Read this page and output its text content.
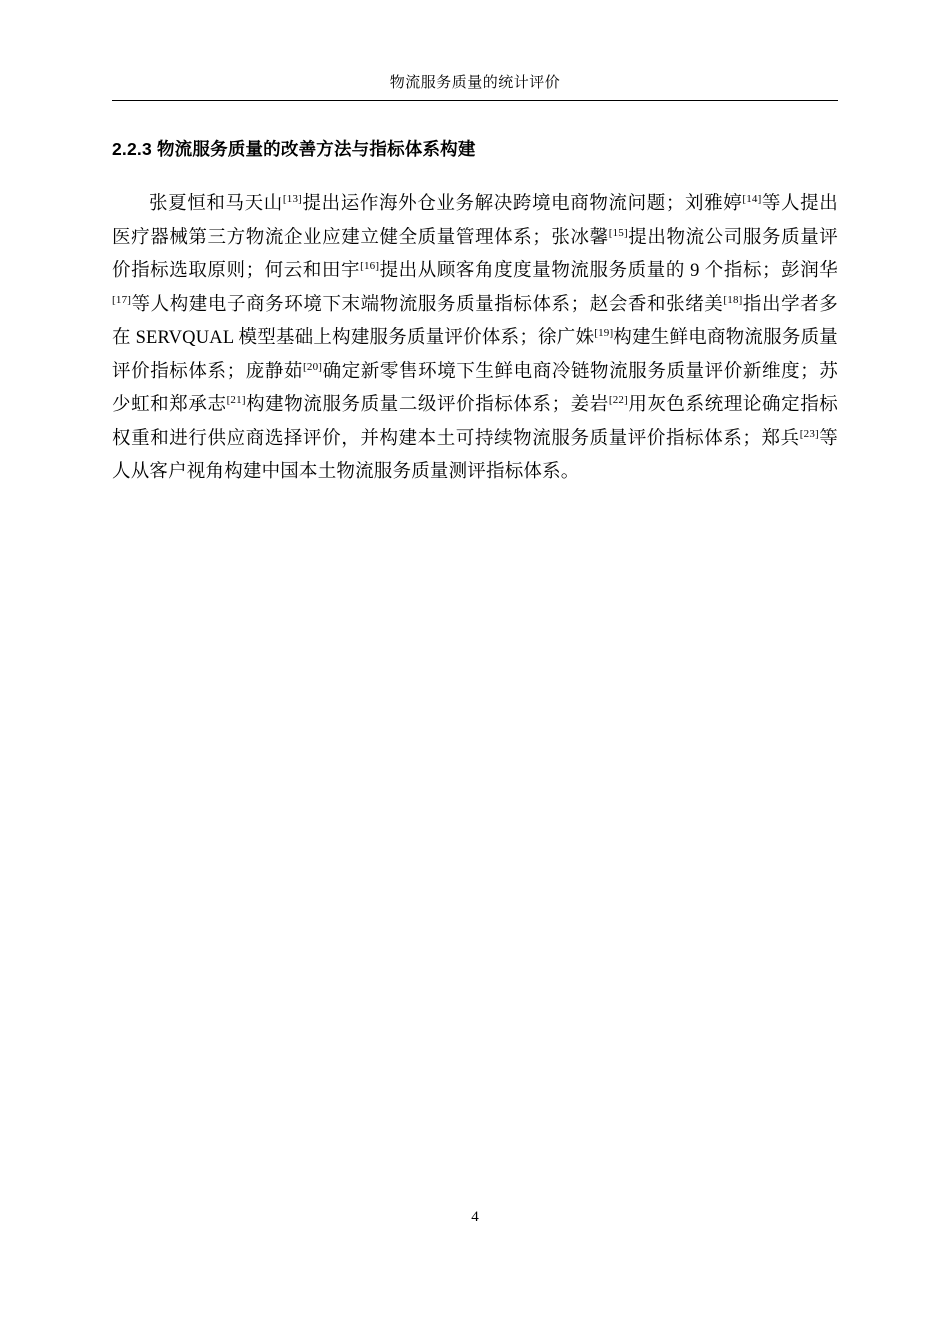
物流服务质量的统计评价
2.2.3 物流服务质量的改善方法与指标体系构建

张夏恒和马天山[13]提出运作海外仓业务解决跨境电商物流问题；刘雅婷[14]等人提出医疗器械第三方物流企业应建立健全质量管理体系；张冰馨[15]提出物流公司服务质量评价指标选取原则；何云和田宇[16]提出从顾客角度度量物流服务质量的 9 个指标；彭润华[17]等人构建电子商务环境下末端物流服务质量指标体系；赵会香和张绪美[18]指出学者多在 SERVQUAL 模型基础上构建服务质量评价体系；徐广姝[19]构建生鲜电商物流服务质量评价指标体系；庞静茹[20]确定新零售环境下生鲜电商冷链物流服务质量评价新维度；苏少虹和郑承志[21]构建物流服务质量二级评价指标体系；姜岩[22]用灰色系统理论确定指标权重和进行供应商选择评价，并构建本土可持续物流服务质量评价指标体系；郑兵[23]等人从客户视角构建中国本土物流服务质量测评指标体系。

4
